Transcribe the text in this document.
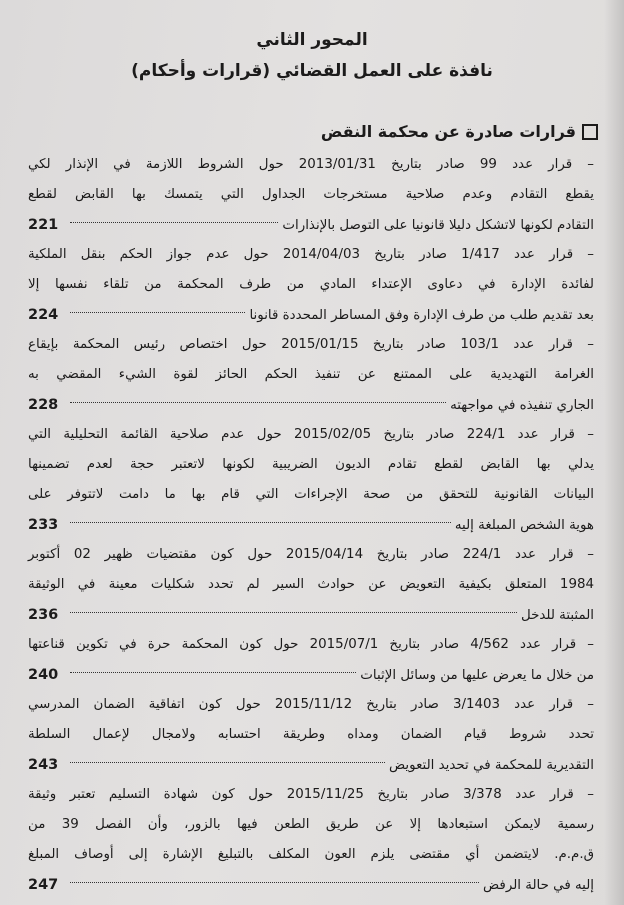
المحور الثاني
نافذة على العمل القضائي (قرارات وأحكام)
قرارات صادرة عن محكمة النقض
– قرار عدد 99 صادر بتاريخ 2013/01/31 حول الشروط اللازمة في الإنذار لكي
يقطع التقادم وعدم صلاحية مستخرجات الجداول التي يتمسك بها القابض لقطع
التقادم لكونها لاتشكل دليلا قانونيا على التوصل بالإنذارات
221
– قرار عدد 1/417 صادر بتاريخ 2014/04/03 حول عدم جواز الحكم بنقل الملكية
لفائدة الإدارة في دعاوى الإعتداء المادي من طرف المحكمة من تلقاء نفسها إلا
بعد تقديم طلب من طرف الإدارة وفق المساطر المحددة قانونا
224
– قرار عدد 103/1 صادر بتاريخ 2015/01/15 حول اختصاص رئيس المحكمة بإيقاع
الغرامة التهديدية على الممتنع عن تنفيذ الحكم الحائز لقوة الشيء المقضي به
الجاري تنفيذه في مواجهته
228
– قرار عدد 224/1 صادر بتاريخ 2015/02/05 حول عدم صلاحية القائمة التحليلية التي
يدلي بها القابض لقطع تقادم الديون الضريبية لكونها لاتعتبر حجة لعدم تضمينها
البيانات القانونية للتحقق من صحة الإجراءات التي قام بها ما دامت لاتتوفر على
هوية الشخص المبلغة إليه
233
– قرار عدد 224/1 صادر بتاريخ 2015/04/14 حول كون مقتضيات ظهير 02 أكتوبر
1984 المتعلق بكيفية التعويض عن حوادث السير لم تحدد شكليات معينة في الوثيقة
المثبتة للدخل
236
– قرار عدد 4/562 صادر بتاريخ 2015/07/1 حول كون المحكمة حرة في تكوين قناعتها
من خلال ما يعرض عليها من وسائل الإثبات
240
– قرار عدد 3/1403 صادر بتاريخ 2015/11/12 حول كون اتفاقية الضمان المدرسي
تحدد شروط قيام الضمان ومداه وطريقة احتسابه ولامجال لإعمال السلطة
التقديرية للمحكمة في تحديد التعويض
243
– قرار عدد 3/378 صادر بتاريخ 2015/11/25 حول كون شهادة التسليم تعتبر وثيقة
رسمية لايمكن استبعادها إلا عن طريق الطعن فيها بالزور، وأن الفصل 39 من
ق.م.م. لايتضمن أي مقتضى يلزم العون المكلف بالتبليغ الإشارة إلى أوصاف المبلغ
إليه في حالة الرفض
247
